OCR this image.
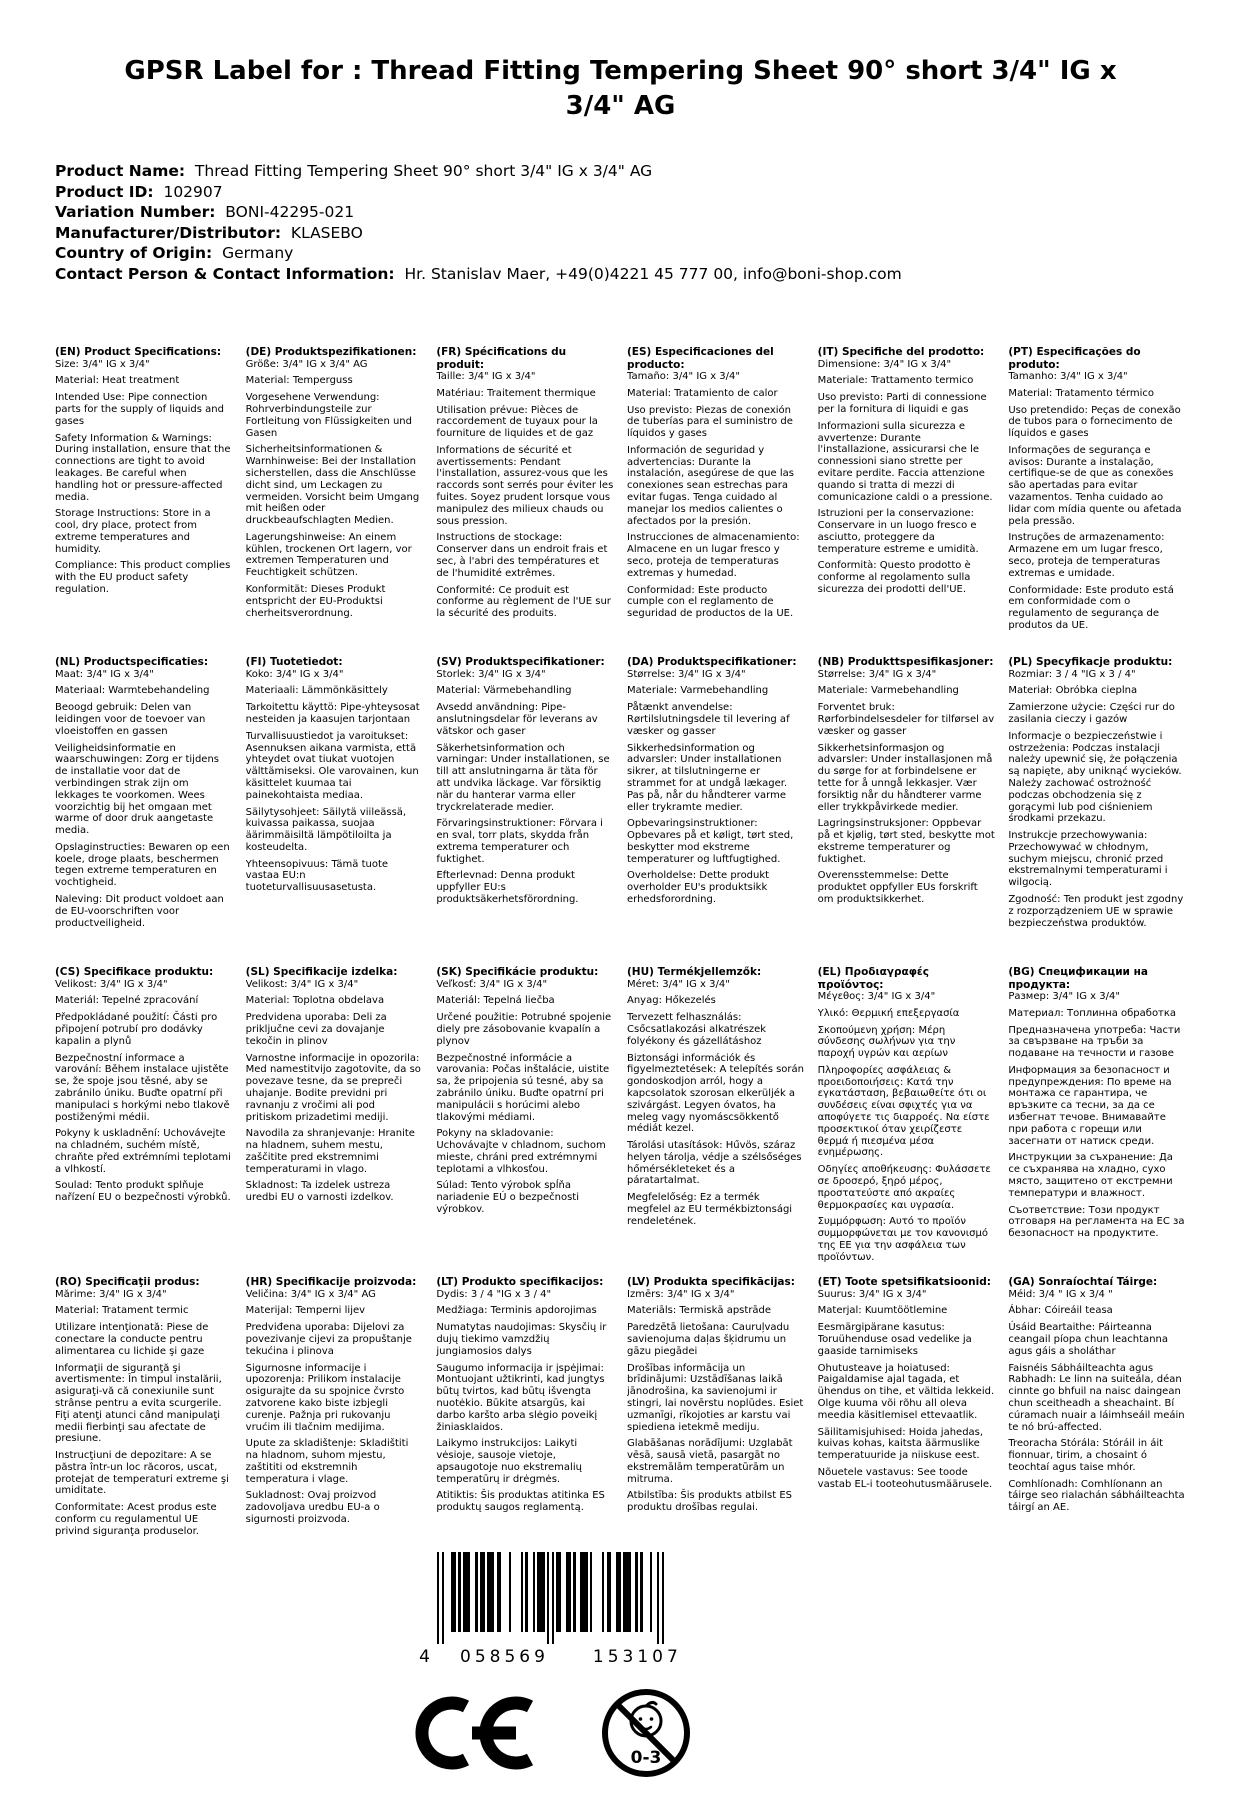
GPSR Label for : Thread Fitting Tempering Sheet 90° short 3/4" IG x 3/4" AG
Product Name:  Thread Fitting Tempering Sheet 90° short 3/4" IG x 3/4" AG
Product ID:  102907
Variation Number:  BONI-42295-021
Manufacturer/Distributor:  KLASEBO
Country of Origin:  Germany
Contact Person & Contact Information:  Hr. Stanislav Maer, +49(0)4221 45 777 00, info@boni-shop.com
(EN) Product Specifications:

Size: 3/4" IG x 3/4"

Material: Heat treatment

Intended Use: Pipe connection parts for the supply of liquids and gases

Safety Information & Warnings: During installation, ensure that the connections are tight to avoid leakages. Be careful when handling hot or pressure-affected media.

Storage Instructions: Store in a cool, dry place, protect from extreme temperatures and humidity.

Compliance: This product complies with the EU product safety regulation.

(DE) Produktspezifikationen:

Größe: 3/4" IG x 3/4" AG

Material: Temperguss

Vorgesehene Verwendung: Rohrverbindungsteile zur Fortleitung von Flüssigkeiten und Gasen

Sicherheitsinformationen & Warnhinweise: Bei der Installation sicherstellen, dass die Anschlüsse dicht sind, um Leckagen zu vermeiden. Vorsicht beim Umgang mit heißen oder druckbeaufschlagten Medien.

Lagerungshinweise: An einem kühlen, trockenen Ort lagern, vor extremen Temperaturen und Feuchtigkeit schützen.

Konformität: Dieses Produkt entspricht der EU-Produktsi cherheitsverordnung.

(FR) Spécifications du produit:

Taille: 3/4" IG x 3/4"

Matériau: Traitement thermique

Utilisation prévue: Pièces de raccordement de tuyaux pour la fourniture de liquides et de gaz

Informations de sécurité et avertissements: Pendant l'installation, assurez-vous que les raccords sont serrés pour éviter les fuites. Soyez prudent lorsque vous manipulez des milieux chauds ou sous pression.

Instructions de stockage: Conserver dans un endroit frais et sec, à l'abri des températures et de l'humidité extrêmes.

Conformité: Ce produit est conforme au règlement de l'UE sur la sécurité des produits.

(ES) Especificaciones del producto:

Tamaño: 3/4" IG x 3/4"

Material: Tratamiento de calor

Uso previsto: Piezas de conexión de tuberías para el suministro de líquidos y gases

Información de seguridad y advertencias: Durante la instalación, asegúrese de que las conexiones sean estrechas para evitar fugas. Tenga cuidado al manejar los medios calientes o afectados por la presión.

Instrucciones de almacenamiento: Almacene en un lugar fresco y seco, proteja de temperaturas extremas y humedad.

Conformidad: Este producto cumple con el reglamento de seguridad de productos de la UE.

(IT) Specifiche del prodotto:

Dimensione: 3/4" IG x 3/4"

Materiale: Trattamento termico

Uso previsto: Parti di connessione per la fornitura di liquidi e gas

Informazioni sulla sicurezza e avvertenze: Durante l'installazione, assicurarsi che le connessioni siano strette per evitare perdite. Faccia attenzione quando si tratta di mezzi di comunicazione caldi o a pressione.

Istruzioni per la conservazione: Conservare in un luogo fresco e asciutto, proteggere da temperature estreme e umidità.

Conformità: Questo prodotto è conforme al regolamento sulla sicurezza dei prodotti dell'UE.

(PT) Especificações do produto:

Tamanho: 3/4" IG x 3/4"

Material: Tratamento térmico

Uso pretendido: Peças de conexão de tubos para o fornecimento de líquidos e gases

Informações de segurança e avisos: Durante a instalação, certifique-se de que as conexões são apertadas para evitar vazamentos. Tenha cuidado ao lidar com mídia quente ou afetada pela pressão.

Instruções de armazenamento: Armazene em um lugar fresco, seco, proteja de temperaturas extremas e umidade.

Conformidade: Este produto está em conformidade com o regulamento de segurança de produtos da UE.

(NL) Productspecificaties:

Maat: 3/4" IG x 3/4"

Materiaal: Warmtebehandeling

Beoogd gebruik: Delen van leidingen voor de toevoer van vloeistoffen en gassen

Veiligheidsinformatie en waarschuwingen: Zorg er tijdens de installatie voor dat de verbindingen strak zijn om lekkages te voorkomen. Wees voorzichtig bij het omgaan met warme of door druk aangetaste media.

Opslaginstructies: Bewaren op een koele, droge plaats, beschermen tegen extreme temperaturen en vochtigheid.

Naleving: Dit product voldoet aan de EU-voorschriften voor productveiligheid.

(FI) Tuotetiedot:

Koko: 3/4" IG x 3/4"

Materiaali: Lämmönkäsittely

Tarkoitettu käyttö: Pipe-yhteysosat nesteiden ja kaasujen tarjontaan

Turvallisuustiedot ja varoitukset: Asennuksen aikana varmista, että yhteydet ovat tiukat vuotojen välttämiseksi. Ole varovainen, kun käsittelet kuumaa tai painekohtaista mediaa.

Säilytysohjeet: Säilytä viileässä, kuivassa paikassa, suojaa äärimmäisiltä lämpötiloilta ja kosteudelta.

Yhteensopivuus: Tämä tuote vastaa EU:n tuoteturvallisuusasetusta.

(SV) Produktspecifikationer:

Storlek: 3/4" IG x 3/4"

Material: Värmebehandling

Avsedd användning: Pipe-anslutningsdelar för leverans av vätskor och gaser

Säkerhetsinformation och varningar: Under installationen, se till att anslutningarna är täta för att undvika läckage. Var försiktig när du hanterar varma eller tryckrelaterade medier.

Förvaringsinstruktioner: Förvara i en sval, torr plats, skydda från extrema temperaturer och fuktighet.

Efterlevnad: Denna produkt uppfyller EU:s produktsäkerhetsförordning.

(DA) Produktspecifikationer:

Størrelse: 3/4" IG x 3/4"

Materiale: Varmebehandling

Påtænkt anvendelse: Rørtilslutningsdele til levering af væsker og gasser

Sikkerhedsinformation og advarsler: Under installationen sikrer, at tilslutningerne er strammet for at undgå lækager. Pas på, når du håndterer varme eller trykramte medier.

Opbevaringsinstruktioner: Opbevares på et køligt, tørt sted, beskytter mod ekstreme temperaturer og luftfugtighed.

Overholdelse: Dette produkt overholder EU's produktsikk erhedsforordning.

(NB) Produkttspesifikasjoner:

Størrelse: 3/4" IG x 3/4"

Materiale: Varmebehandling

Forventet bruk: Rørforbindelsesdeler for tilførsel av væsker og gasser

Sikkerhetsinformasjon og advarsler: Under installasjonen må du sørge for at forbindelsene er tette for å unngå lekkasjer. Vær forsiktig når du håndterer varme eller trykkpåvirkede medier.

Lagringsinstruksjoner: Oppbevar på et kjølig, tørt sted, beskytte mot ekstreme temperaturer og fuktighet.

Overensstemmelse: Dette produktet oppfyller EUs forskrift om produktsikkerhet.

(PL) Specyfikacje produktu:

Rozmiar: 3 / 4 "IG x 3 / 4"

Materiał: Obróbka cieplna

Zamierzone użycie: Części rur do zasilania cieczy i gazów

Informacje o bezpieczeństwie i ostrzeżenia: Podczas instalacji należy upewnić się, że połączenia są napięte, aby uniknąć wycieków. Należy zachować ostrożność podczas obchodzenia się z gorącymi lub pod ciśnieniem środkami przekazu.

Instrukcje przechowywania: Przechowywać w chłodnym, suchym miejscu, chronić przed ekstremalnymi temperaturami i wilgocią.

Zgodność: Ten produkt jest zgodny z rozporządzeniem UE w sprawie bezpieczeństwa produktów.

(CS) Specifikace produktu:

Velikost: 3/4" IG x 3/4"

Materiál: Tepelné zpracování

Předpokládané použití: Části pro připojení potrubí pro dodávky kapalin a plynů

Bezpečnostní informace a varování: Během instalace ujistěte se, že spoje jsou těsné, aby se zabránilo úniku. Buďte opatrní při manipulaci s horkými nebo tlakově postiženými médii.

Pokyny k uskladnění: Uchovávejte na chladném, suchém místě, chraňte před extrémními teplotami a vlhkostí.

Soulad: Tento produkt splňuje nařízení EU o bezpečnosti výrobků.

(SL) Specifikacije izdelka:

Velikost: 3/4" IG x 3/4"

Material: Toplotna obdelava

Predvidena uporaba: Deli za priključne cevi za dovajanje tekočin in plinov

Varnostne informacije in opozorila: Med namestitvijo zagotovite, da so povezave tesne, da se prepreči uhajanje. Bodite previdni pri ravnanju z vročimi ali pod pritiskom prizadetimi mediji.

Navodila za shranjevanje: Hranite na hladnem, suhem mestu, zaščitite pred ekstremnimi temperaturami in vlago.

Skladnost: Ta izdelek ustreza uredbi EU o varnosti izdelkov.

(SK) Špecifikácie produktu:

Veľkosť: 3/4" IG x 3/4"

Materiál: Tepelná liečba

Určené použitie: Potrubné spojenie diely pre zásobovanie kvapalín a plynov

Bezpečnostné informácie a varovania: Počas inštalácie, uistite sa, že pripojenia sú tesné, aby sa zabránilo úniku. Buďte opatrní pri manipulácii s horúcimi alebo tlakovými médiami.

Pokyny na skladovanie: Uchovávajte v chladnom, suchom mieste, chráni pred extrémnymi teplotami a vlhkosťou.

Súlad: Tento výrobok spĺňa nariadenie EÚ o bezpečnosti výrobkov.

(HU) Termékjellemzők:

Méret: 3/4" IG x 3/4"

Anyag: Hőkezelés

Tervezett felhasználás: Csőcsatlakozási alkatrészek folyékony és gázellátáshoz

Biztonsági információk és figyelmeztetések: A telepítés során gondoskodjon arról, hogy a kapcsolatok szorosan elkerüljék a szivárgást. Legyen óvatos, ha meleg vagy nyomáscsökkentő médiát kezel.

Tárolási utasítások: Hűvös, száraz helyen tárolja, védje a szélsőséges hőmérsékleteket és a páratartalmat.

Megfelelőség: Ez a termék megfelel az EU termékbiztonsági rendeletének.

(EL) Προδιαγραφές προϊόντος:

Μέγεθος: 3/4" IG x 3/4"

Υλικό: Θερμική επεξεργασία

Σκοπούμενη χρήση: Μέρη σύνδεσης σωλήνων για την παροχή υγρών και αερίων

Πληροφορίες ασφάλειας & προειδοποιήσεις: Κατά την εγκατάσταση, βεβαιωθείτε ότι οι συνδέσεις είναι σφιχτές για να αποφύγετε τις διαρροές. Να είστε προσεκτικοί όταν χειρίζεστε θερμά ή πιεσμένα μέσα ενημέρωσης.

Οδηγίες αποθήκευσης: Φυλάσσετε σε δροσερό, ξηρό μέρος, προστατεύστε από ακραίες θερμοκρασίες και υγρασία.

Συμμόρφωση: Αυτό το προϊόν συμμορφώνεται με τον κανονισμό της ΕΕ για την ασφάλεια των προϊόντων.

(BG) Спецификации на продукта:

Размер: 3/4" IG x 3/4"

Материал: Топлинна обработка

Предназначена употреба: Части за свързване на тръби за подаване на течности и газове

Информация за безопасност и предупреждения: По време на монтажа се гарантира, че връзките са тесни, за да се избегнат течове. Внимавайте при работа с горещи или засегнати от натиск среди.

Инструкции за съхранение: Да се съхранява на хладно, сухо място, защитено от екстремни температури и влажност.

Съответствие: Този продукт отговаря на регламента на ЕС за безопасност на продуктите.

(RO) Specificaţii produs:

Mărime: 3/4" IG x 3/4"

Material: Tratament termic

Utilizare intenţionată: Piese de conectare la conducte pentru alimentarea cu lichide şi gaze

Informaţii de siguranţă şi avertismente: În timpul instalării, asiguraţi-vă că conexiunile sunt strânse pentru a evita scurgerile. Fiţi atenţi atunci când manipulaţi medii fierbinţi sau afectate de presiune.

Instrucţiuni de depozitare: A se păstra într-un loc răcoros, uscat, protejat de temperaturi extreme şi umiditate.

Conformitate: Acest produs este conform cu regulamentul UE privind siguranţa produselor.

(HR) Specifikacije proizvoda:

Veličina: 3/4" IG x 3/4" AG

Materijal: Temperni lijev

Predviđena uporaba: Dijelovi za povezivanje cijevi za propuštanje tekućina i plinova

Sigurnosne informacije i upozorenja: Prilikom instalacije osigurajte da su spojnice čvrsto zatvorene kako biste izbjegli curenje. Pažnja pri rukovanju vrućim ili tlačnim medijima.

Upute za skladištenje: Skladištiti na hladnom, suhom mjestu, zaštititi od ekstremnih temperatura i vlage.

Sukladnost: Ovaj proizvod zadovoljava uredbu EU-a o sigurnosti proizvoda.

(LT) Produkto specifikacijos:

Dydis: 3 / 4 "IG x 3 / 4"

Medžiaga: Terminis apdorojimas

Numatytas naudojimas: Skysčių ir dujų tiekimo vamzdžių jungiamosios dalys

Saugumo informacija ir įspėjimai: Montuojant užtikrinti, kad jungtys būtų tvirtos, kad būtų išvengta nuotėkio. Būkite atsargūs, kai darbo karšto arba slėgio poveikį žiniasklaidos.

Laikymo instrukcijos: Laikyti vėsioje, sausoje vietoje, apsaugotoje nuo ekstremalių temperatūrų ir drėgmės.

Atitiktis: Šis produktas atitinka ES produktų saugos reglamentą.

(LV) Produkta specifikācijas:

Izmērs: 3/4" IG x 3/4"

Materiāls: Termiskā apstrāde

Paredzētā lietošana: Cauruļvadu savienojuma daļas šķidrumu un gāzu piegādei

Drošības informācija un brīdinājumi: Uzstādīšanas laikā jānodrošina, ka savienojumi ir stingri, lai novērstu noplūdes. Esiet uzmanīgi, rīkojoties ar karstu vai spiediena ietekmē mediju.

Glabāšanas norādījumi: Uzglabāt vēsā, sausā vietā, pasargāt no ekstremālām temperatūrām un mitruma.

Atbilstība: Šis produkts atbilst ES produktu drošības regulai.

(ET) Toote spetsifikatsioonid:

Suurus: 3/4" IG x 3/4"

Materjal: Kuumtöötlemine

Eesmärgipärane kasutus: Toruühenduse osad vedelike ja gaaside tarnimiseks

Ohutusteave ja hoiatused: Paigaldamise ajal tagada, et ühendus on tihe, et vältida lekkeid. Olge kuuma või rõhu all oleva meedia käsitlemisel ettevaatlik.

Säilitamisjuhised: Hoida jahedas, kuivas kohas, kaitsta äärmuslike temperatuuride ja niiskuse eest.

Nõuetele vastavus: See toode vastab EL-i tooteohutusmäärusele.

(GA) Sonraíochtaí Táirge:

Méid: 3/4 " IG x 3/4 "

Ábhar: Cóireáil teasa

Úsáid Beartaithe: Páirteanna ceangail píopa chun leachtanna agus gáis a sholáthar

Faisnéis Sábháilteachta agus Rabhadh: Le linn na suiteála, déan cinnte go bhfuil na naisc daingean chun sceitheadh a sheachaint. Bí cúramach nuair a láimhseáil meáin te nó brú-affected.

Treoracha Stórála: Stóráil in áit fionnuar, tirim, a chosaint ó teochtaí agus taise mhór.

Comhlíonadh: Comhlíonann an táirge seo rialachán sábháilteachta táirgí an AE.

4 058569	153107
0-3
